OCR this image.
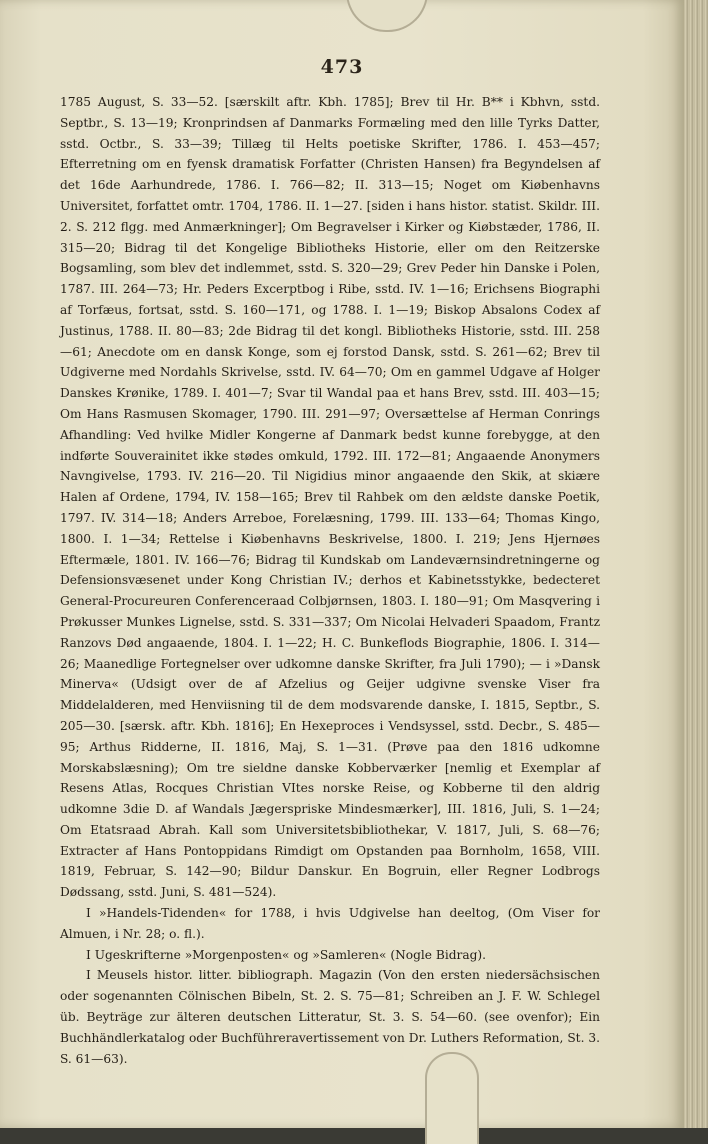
473

1785 August, S. 33—52. [særskilt aftr. Kbh. 1785]; Brev til Hr. B** i Kbhvn, sstd. Septbr., S. 13—19; Kronprindsen af Danmarks Formæling med den lille Tyrks Datter, sstd. Octbr., S. 33—39; Tillæg til Helts poetiske Skrifter, 1786. I. 453—457; Efterretning om en fyensk dramatisk Forfatter (Christen Hansen) fra Begyndelsen af det 16de Aarhundrede, 1786. I. 766—82; II. 313—15; Noget om Kiøbenhavns Universitet, forfattet omtr. 1704, 1786. II. 1—27. [siden i hans histor. statist. Skildr. III. 2. S. 212 flgg. med Anmærkninger]; Om Begravelser i Kirker og Kiøbstæder, 1786, II. 315—20; Bidrag til det Kongelige Bibliotheks Historie, eller om den Reitzerske Bogsamling, som blev det indlemmet, sstd. S. 320—29; Grev Peder hin Danske i Polen, 1787. III. 264—73; Hr. Peders Excerptbog i Ribe, sstd. IV. 1—16; Erichsens Biographi af Torfæus, fortsat, sstd. S. 160—171, og 1788. I. 1—19; Biskop Absalons Codex af Justinus, 1788. II. 80—83; 2de Bidrag til det kongl. Bibliotheks Historie, sstd. III. 258—61; Anecdote om en dansk Konge, som ej forstod Dansk, sstd. S. 261—62; Brev til Udgiverne med Nordahls Skrivelse, sstd. IV. 64—70; Om en gammel Udgave af Holger Danskes Krønike, 1789. I. 401—7; Svar til Wandal paa et hans Brev, sstd. III. 403—15; Om Hans Rasmusen Skomager, 1790. III. 291—97; Oversættelse af Herman Conrings Afhandling: Ved hvilke Midler Kongerne af Danmark bedst kunne forebygge, at den indførte Souverainitet ikke stødes omkuld, 1792. III. 172—81; Angaaende Anonymers Navngivelse, 1793. IV. 216—20. Til Nigidius minor angaaende den Skik, at skiære Halen af Ordene, 1794, IV. 158—165; Brev til Rahbek om den ældste danske Poetik, 1797. IV. 314—18; Anders Arreboe, Forelæsning, 1799. III. 133—64; Thomas Kingo, 1800. I. 1—34; Rettelse i Kiøbenhavns Beskrivelse, 1800. I. 219; Jens Hjernøes Eftermæle, 1801. IV. 166—76; Bidrag til Kundskab om Landeværnsindretningerne og Defensionsvæsenet under Kong Christian IV.; derhos et Kabinetsstykke, bedecteret General-Procureuren Conferenceraad Colbjørnsen, 1803. I. 180—91; Om Masqvering i Prøkusser Munkes Lignelse, sstd. S. 331—337; Om Nicolai Helvaderi Spaadom, Frantz Ranzovs Død angaaende, 1804. I. 1—22; H. C. Bunkeflods Biographie, 1806. I. 314—26; Maanedlige Fortegnelser over udkomne danske Skrifter, fra Juli 1790); — i »Dansk Minerva« (Udsigt over de af Afzelius og Geijer udgivne svenske Viser fra Middelalderen, med Henviisning til de dem modsvarende danske, I. 1815, Septbr., S. 205—30. [særsk. aftr. Kbh. 1816]; En Hexeproces i Vendsyssel, sstd. Decbr., S. 485—95; Arthus Ridderne, II. 1816, Maj, S. 1—31. (Prøve paa den 1816 udkomne Morskabslæsning); Om tre sieldne danske Kobberværker [nemlig et Exemplar af Resens Atlas, Rocques Christian VItes norske Reise, og Kobberne til den aldrig udkomne 3die D. af Wandals Jægerspriske Mindesmærker], III. 1816, Juli, S. 1—24; Om Etatsraad Abrah. Kall som Universitetsbibliothekar, V. 1817, Juli, S. 68—76; Extracter af Hans Pontoppidans Rimdigt om Opstanden paa Bornholm, 1658, VIII. 1819, Februar, S. 142—90; Bildur Danskur. En Bogruin, eller Regner Lodbrogs Dødssang, sstd. Juni, S. 481—524).

I »Handels-Tidenden« for 1788, i hvis Udgivelse han deeltog, (Om Viser for Almuen, i Nr. 28; o. fl.).

I Ugeskrifterne »Morgenposten« og »Samleren« (Nogle Bidrag).

I Meusels histor. litter. bibliograph. Magazin (Von den ersten niedersächsischen oder sogenannten Cölnischen Bibeln, St. 2. S. 75—81; Schreiben an J. F. W. Schlegel üb. Beyträge zur älteren deutschen Litteratur, St. 3. S. 54—60. (see ovenfor); Ein Buchhändlerkatalog oder Buchführeravertissement von Dr. Luthers Reformation, St. 3. S. 61—63).
